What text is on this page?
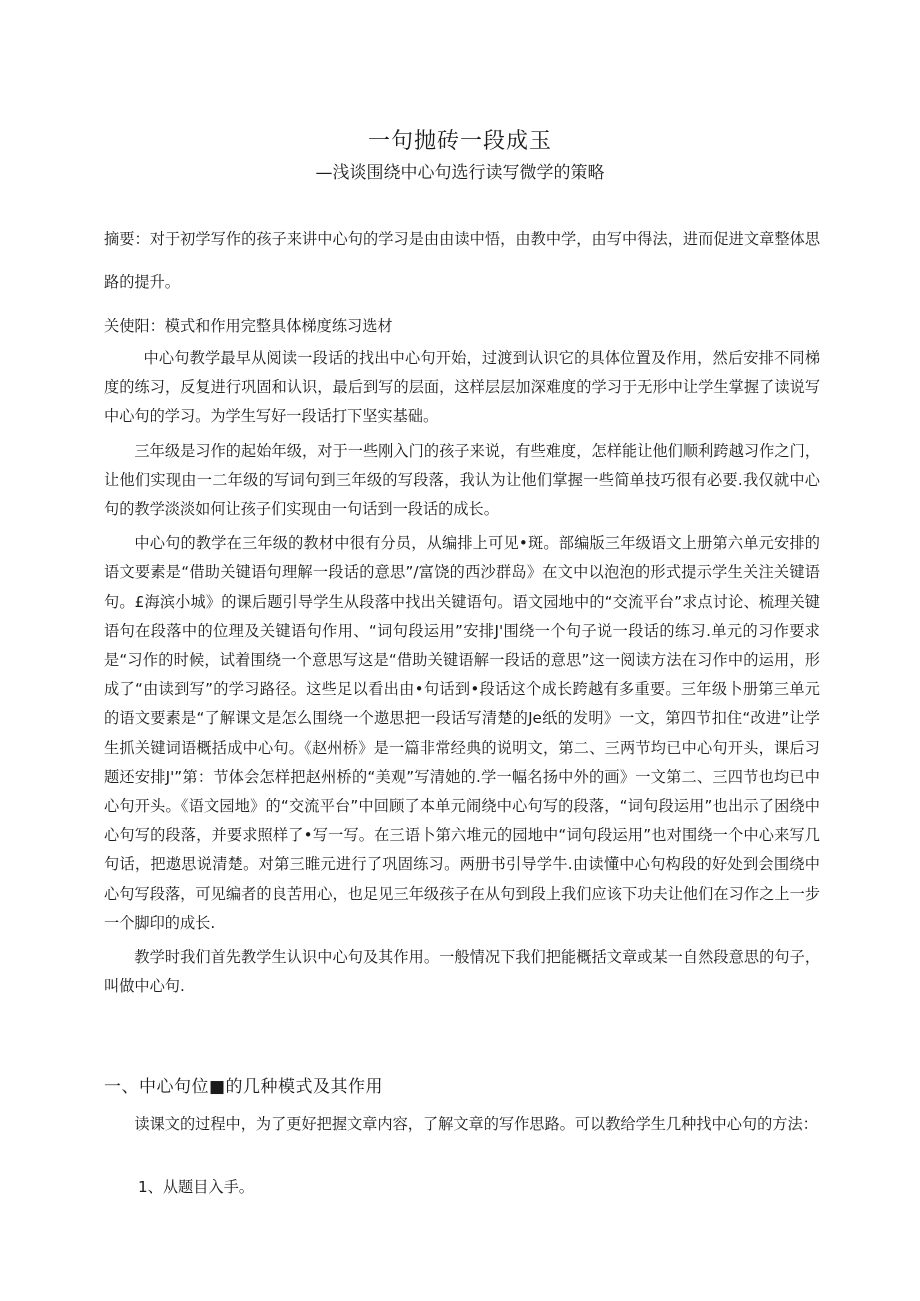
一句抛砖一段成玉
—浅谈围绕中心句选行读写微学的策略
摘要：对于初学写作的孩子来讲中心句的学习是由由读中悟，由教中学，由写中得法，进而促进文章整体思路的提升。
关使阳：模式和作用完整具体梯度练习选材

中心句教学最早从阅读一段话的找出中心句开始，过渡到认识它的具体位置及作用，然后安排不同梯度的练习，反复进行巩固和认识，最后到写的层面，这样层层加深难度的学习于无形中让学生掌握了读说写中心句的学习。为学生写好一段话打下坚实基础。

三年级是习作的起始年级，对于一些刚入门的孩子来说，有些难度，怎样能让他们顺利跨越习作之门，让他们实现由一二年级的写词句到三年级的写段落，我认为让他们掌握一些简单技巧很有必要.我仅就中心句的教学淡淡如何让孩子们实现由一句话到一段话的成长。

中心句的教学在三年级的教材中很有分员，从编排上可见•斑。部编版三年级语文上册第六单元安排的语文要素是“借助关键语句理解一段话的意思”/富饶的西沙群岛》在文中以泡泡的形式提示学生关注关键语句。£海滨小城》的课后题引导学生从段落中找出关键语句。语文园地中的“交流平台”求点讨论、梳理关键语句在段落中的位理及关键语句作用、“词句段运用”安排J'围绕一个句子说一段话的练习.单元的习作要求是“习作的时候，试着围绕一个意思写这是“借助关键语解一段话的意思”这一阅读方法在习作中的运用，形成了“由读到写”的学习路径。这些足以看出由•句话到•段话这个成长跨越有多重要。三年级卜册第三单元的语文要素是“了解课文是怎么围绕一个遨思把一段话写清楚的Je纸的发明》一文，第四节扣住“改进”让学生抓关键词语概括成中心句。《赵州桥》是一篇非常经典的说明文，第二、三两节均已中心句开头，课后习题还安排J'”第：节体会怎样把赵州桥的“美观”写清她的.学一幅名扬中外的画》一文第二、三四节也均已中心句开头。《语文园地》的“交流平台”中回顾了本单元闹绕中心句写的段落，“词句段运用”也出示了困绕中心句写的段落，并要求照样了•写一写。在三语卜第六堆元的园地中“词句段运用”也对围绕一个中心来写几句话，把遨思说清楚。对第三睢元进行了巩固练习。两册书引导学牛.由读懂中心句构段的好处到会围绕中心句写段落，可见编者的良苦用心，也足见三年级孩子在从句到段上我们应该下功夫让他们在习作之上一步一个脚印的成长.

教学时我们首先教学生认识中心句及其作用。一般情况下我们把能概括文章或某一自然段意思的句子，叫做中心句.

一、中心句位■的几种模式及其作用
读课文的过程中，为了更好把握文章内容，了解文章的写作思路。可以教给学生几种找中心句的方法：
1、从题目入手。
